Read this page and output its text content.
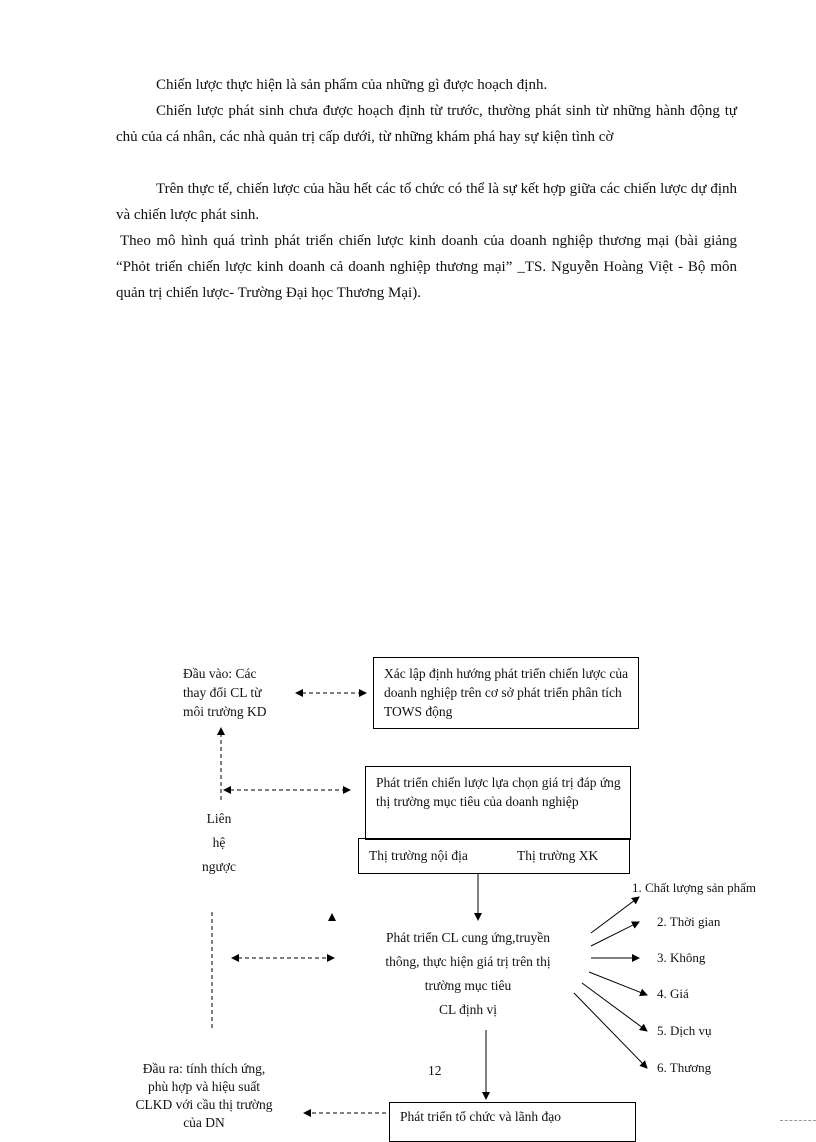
Chiến lược thực hiện là sản phẩm của những gì được hoạch định.

Chiến lược phát sinh chưa được hoạch định từ trước, thường phát sinh từ những hành động tự chủ của cá nhân, các nhà quản trị cấp dưới, từ những khám phá hay sự kiện tình cờ

Trên thực tế, chiến lược của hầu hết các tổ chức có thể là sự kết hợp giữa các chiến lược dự định và chiến lược phát sinh.

Theo mô hình quá trình phát triển chiến lược kinh doanh của doanh nghiệp thương mại (bài giảng “Phỏt triển chiến lược kinh doanh cả doanh nghiệp thương mại” _TS. Nguyễn Hoàng Việt - Bộ môn quản trị chiến lược- Trường Đại học Thương Mại).

Đầu vào: Các thay đổi CL từ môi trường KD
Xác lập định hướng phát triển chiến lược của doanh nghiệp trên cơ sở phát triển phân tích TOWS động
Phát triển chiến lược lựa chọn giá trị đáp ứng thị trường mục tiêu của doanh nghiệp
Thị trường nội địa	Thị trường XK
Liên
hệ
ngược
Phát triển CL cung ứng,truyền
thông, thực hiện giá trị trên thị
trường mục tiêu
CL định vị
1. Chất lượng sản phẩm
2. Thời gian
3. Không
4. Giá
5. Dịch vụ
6. Thương
Đầu ra: tính thích ứng, phù hợp và hiệu suất CLKD với cầu thị trường của DN
12
Phát triển tổ chức và lãnh đạo
